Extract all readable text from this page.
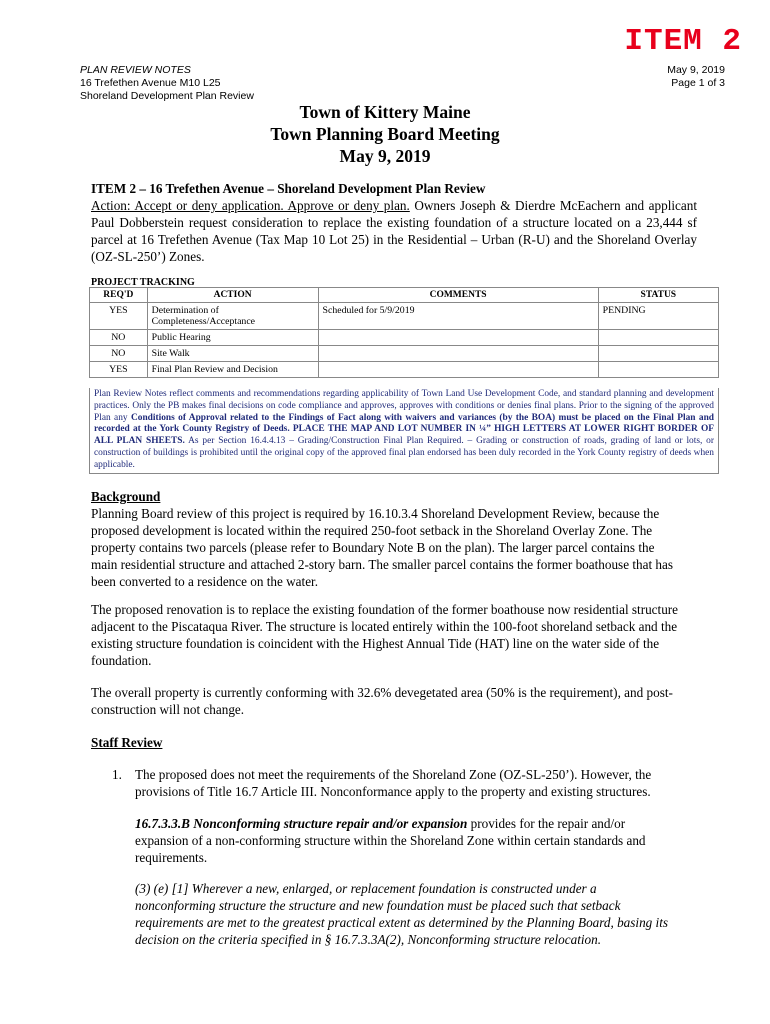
ITEM 2
PLAN REVIEW NOTES
16 Trefethen Avenue M10 L25
Shoreland Development Plan Review
May 9, 2019
Page 1 of 3
Town of Kittery Maine
Town Planning Board Meeting
May 9, 2019
ITEM 2 – 16 Trefethen Avenue – Shoreland Development Plan Review
Action: Accept or deny application. Approve or deny plan. Owners Joseph & Dierdre McEachern and applicant Paul Dobberstein request consideration to replace the existing foundation of a structure located on a 23,444 sf parcel at 16 Trefethen Avenue (Tax Map 10 Lot 25) in the Residential – Urban (R-U) and the Shoreland Overlay (OZ-SL-250’) Zones.
PROJECT TRACKING
REQ'D	ACTION	COMMENTS	STATUS
YES	Determination of Completeness/Acceptance	Scheduled for 5/9/2019	PENDING
NO	Public Hearing		
NO	Site Walk		
YES	Final Plan Review and Decision		
Plan Review Notes reflect comments and recommendations regarding applicability of Town Land Use Development Code, and standard planning and development practices. Only the PB makes final decisions on code compliance and approves, approves with conditions or denies final plans. Prior to the signing of the approved Plan any Conditions of Approval related to the Findings of Fact along with waivers and variances (by the BOA) must be placed on the Final Plan and recorded at the York County Registry of Deeds. PLACE THE MAP AND LOT NUMBER IN ¼” HIGH LETTERS AT LOWER RIGHT BORDER OF ALL PLAN SHEETS. As per Section 16.4.4.13 – Grading/Construction Final Plan Required. – Grading or construction of roads, grading of land or lots, or construction of buildings is prohibited until the original copy of the approved final plan endorsed has been duly recorded in the York County registry of deeds when applicable.
Background

Planning Board review of this project is required by 16.10.3.4 Shoreland Development Review, because the proposed development is located within the required 250-foot setback in the Shoreland Overlay Zone. The property contains two parcels (please refer to Boundary Note B on the plan). The larger parcel contains the main residential structure and attached 2-story barn. The smaller parcel contains the former boathouse that has been converted to a residence on the water.

The proposed renovation is to replace the existing foundation of the former boathouse now residential structure adjacent to the Piscataqua River. The structure is located entirely within the 100-foot shoreland setback and the existing structure foundation is coincident with the Highest Annual Tide (HAT) line on the water side of the foundation.

The overall property is currently conforming with 32.6% devegetated area (50% is the requirement), and post-construction will not change.

Staff Review
1. The proposed does not meet the requirements of the Shoreland Zone (OZ-SL-250’). However, the provisions of Title 16.7 Article III. Nonconformance apply to the property and existing structures.
16.7.3.3.B Nonconforming structure repair and/or expansion provides for the repair and/or expansion of a non-conforming structure within the Shoreland Zone within certain standards and requirements.
(3) (e) [1] Wherever a new, enlarged, or replacement foundation is constructed under a nonconforming structure the structure and new foundation must be placed such that setback requirements are met to the greatest practical extent as determined by the Planning Board, basing its decision on the criteria specified in § 16.7.3.3A(2), Nonconforming structure relocation.
